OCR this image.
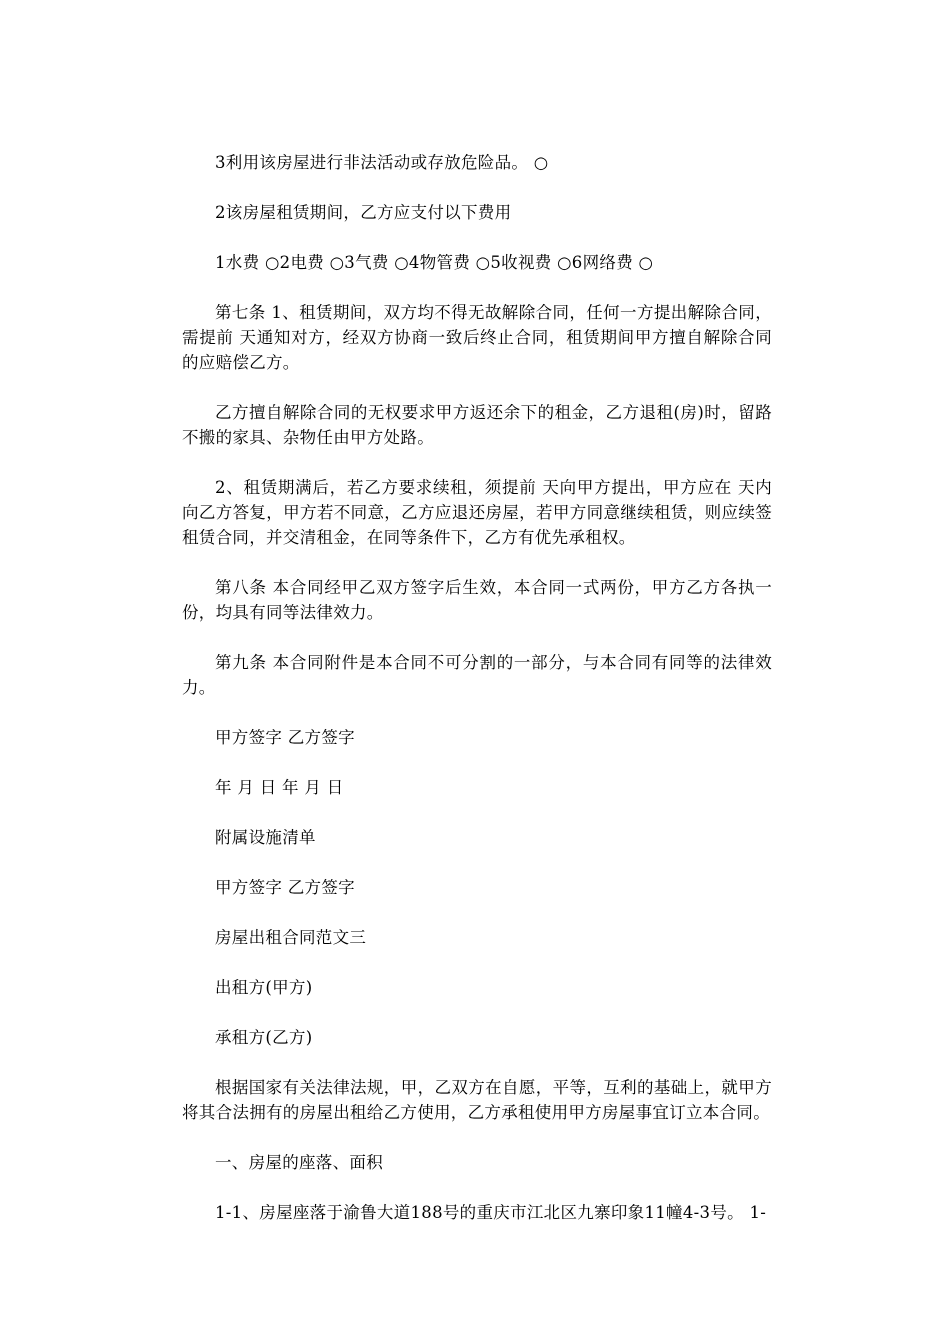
3利用该房屋进行非法活动或存放危险品。 ○

2该房屋租赁期间，乙方应支付以下费用

1水费 ○2电费 ○3气费 ○4物管费 ○5收视费 ○6网络费 ○

第七条 1、租赁期间，双方均不得无故解除合同，任何一方提出解除合同，需提前 天通知对方，经双方协商一致后终止合同，租赁期间甲方擅自解除合同的应赔偿乙方。

乙方擅自解除合同的无权要求甲方返还余下的租金，乙方退租(房)时，留路不搬的家具、杂物任由甲方处路。

2、租赁期满后，若乙方要求续租，须提前 天向甲方提出，甲方应在 天内向乙方答复，甲方若不同意，乙方应退还房屋，若甲方同意继续租赁，则应续签租赁合同，并交清租金，在同等条件下，乙方有优先承租权。

第八条 本合同经甲乙双方签字后生效，本合同一式两份，甲方乙方各执一份，均具有同等法律效力。

第九条 本合同附件是本合同不可分割的一部分，与本合同有同等的法律效力。

甲方签字 乙方签字

年 月 日 年 月 日

附属设施清单

甲方签字 乙方签字

房屋出租合同范文三

出租方(甲方)

承租方(乙方)

根据国家有关法律法规，甲，乙双方在自愿，平等，互利的基础上，就甲方将其合法拥有的房屋出租给乙方使用，乙方承租使用甲方房屋事宜订立本合同。

一、房屋的座落、面积

1-1、房屋座落于渝鲁大道188号的重庆市江北区九寨印象11幢4-3号。 1-
